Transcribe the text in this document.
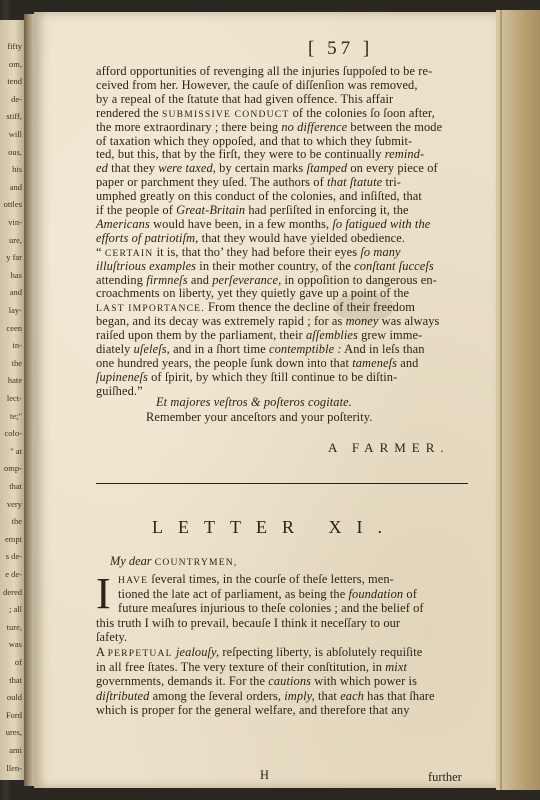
fifty
om,
tend
de-
stiff,
will
ous,
his
and
ottles
vin-
ure,
y far
has
and
lay-
ceen
in-
the
hate
lect-
te;"
colo-
" at
omp-
that
very
the
empt
s de-
e de-
dered
; all
ture,
was
of
that
ould
Ford
ures,
ami
llen-
[ 57 ]
afford opportunities of revenging all the injuries ſuppoſed to be re-
ceived from her. However, the cauſe of diſſenſion was removed,
by a repeal of the ſtatute that had given offence. This affair
rendered the SUBMISSIVE CONDUCT of the colonies ſo ſoon after,
the more extraordinary ; there being no difference between the mode
of taxation which they oppoſed, and that to which they ſubmit-
ted, but this, that by the firſt, they were to be continually remind-
ed that they were taxed, by certain marks ſtamped on every piece of
paper or parchment they uſed. The authors of that ſtatute tri-
umphed greatly on this conduct of the colonies, and inſiſted, that
if the people of Great-Britain had perſiſted in enforcing it, the
Americans would have been, in a few months, ſo fatigued with the
efforts of patriotiſm, that they would have yielded obedience.
“ CERTAIN it is, that tho’ they had before their eyes ſo many
illuſtrious examples in their mother country, of the conſtant ſucceſs
attending firmneſs and perſeverance, in oppoſition to dangerous en-
croachments on liberty, yet they quietly gave up a point of the
LAST IMPORTANCE. From thence the decline of their freedom
began, and its decay was extremely rapid ; for as money was always
raiſed upon them by the parliament, their aſſemblies grew imme-
diately uſeleſs, and in a ſhort time contemptible : And in leſs than
one hundred years, the people ſunk down into that tameneſs and
ſupineneſs of ſpirit, by which they ſtill continue to be diſtin-
guiſhed.”
Et majores veſtros & poſteros cogitate.
Remember your anceſtors and your poſterity.
A FARMER.
LETTER XI.
My dear COUNTRYMEN,
I HAVE ſeveral times, in the courſe of theſe letters, men-
tioned the late act of parliament, as being the foundation of
future meaſures injurious to theſe colonies ; and the belief of
this truth I wiſh to prevail, becauſe I think it neceſſary to our
ſafety.
A PERPETUAL jealouſy, reſpecting liberty, is abſolutely requiſite
in all free ſtates. The very texture of their conſtitution, in mixt
governments, demands it. For the cautions with which power is
diſtributed among the ſeveral orders, imply, that each has that ſhare
which is proper for the general welfare, and therefore that any
H	further
